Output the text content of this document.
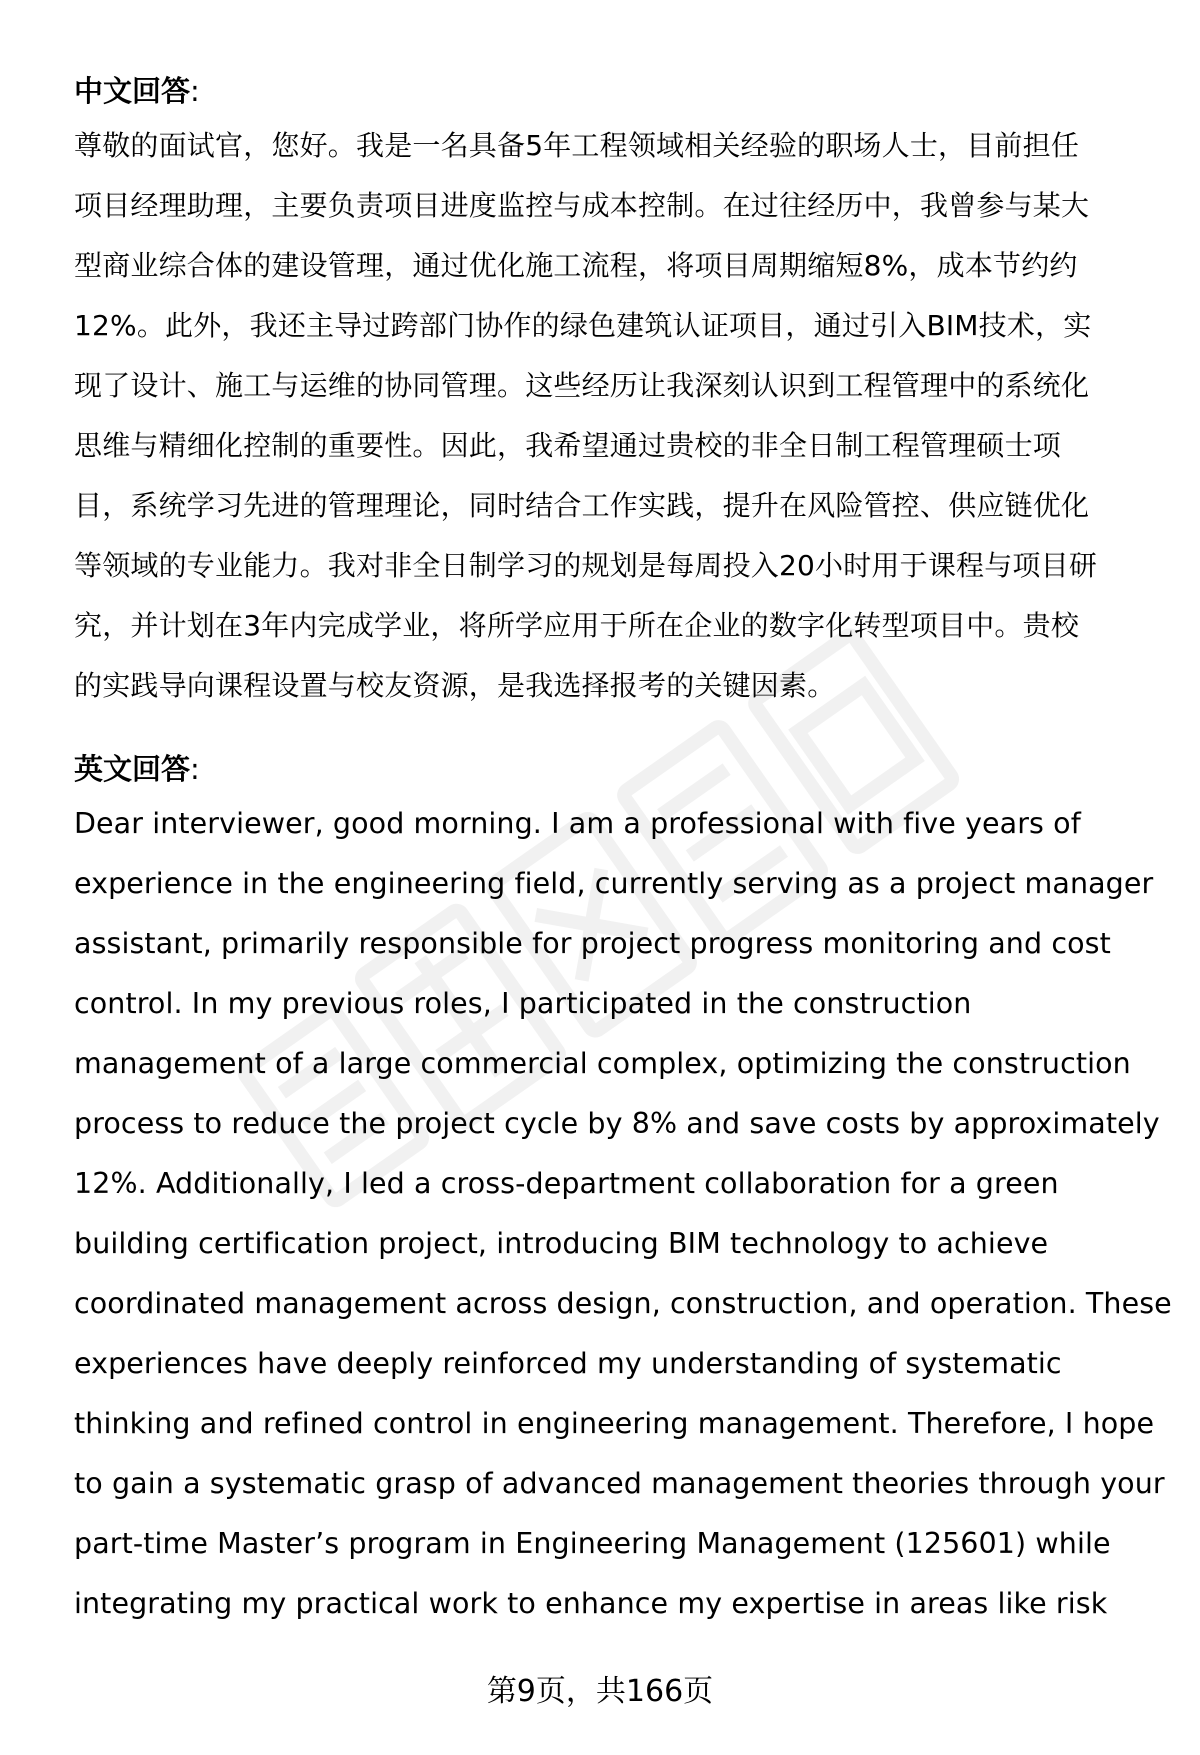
中文回答:
尊敬的面试官，您好。我是一名具备5年工程领域相关经验的职场人士，目前担任
项目经理助理，主要负责项目进度监控与成本控制。在过往经历中，我曾参与某大
型商业综合体的建设管理，通过优化施工流程，将项目周期缩短8%，成本节约约
12%。此外，我还主导过跨部门协作的绿色建筑认证项目，通过引入BIM技术，实
现了设计、施工与运维的协同管理。这些经历让我深刻认识到工程管理中的系统化
思维与精细化控制的重要性。因此，我希望通过贵校的非全日制工程管理硕士项
目，系统学习先进的管理理论，同时结合工作实践，提升在风险管控、供应链优化
等领域的专业能力。我对非全日制学习的规划是每周投入20小时用于课程与项目研
究，并计划在3年内完成学业，将所学应用于所在企业的数字化转型项目中。贵校
的实践导向课程设置与校友资源，是我选择报考的关键因素。
英文回答:
Dear interviewer, good morning. I am a professional with five years of
experience in the engineering field, currently serving as a project manager
assistant, primarily responsible for project progress monitoring and cost
control. In my previous roles, I participated in the construction
management of a large commercial complex, optimizing the construction
process to reduce the project cycle by 8% and save costs by approximately
12%. Additionally, I led a cross-department collaboration for a green
building certification project, introducing BIM technology to achieve
coordinated management across design, construction, and operation. These
experiences have deeply reinforced my understanding of systematic
thinking and refined control in engineering management. Therefore, I hope
to gain a systematic grasp of advanced management theories through your
part-time Master’s program in Engineering Management (125601) while
integrating my practical work to enhance my expertise in areas like risk
第9页，共166页
